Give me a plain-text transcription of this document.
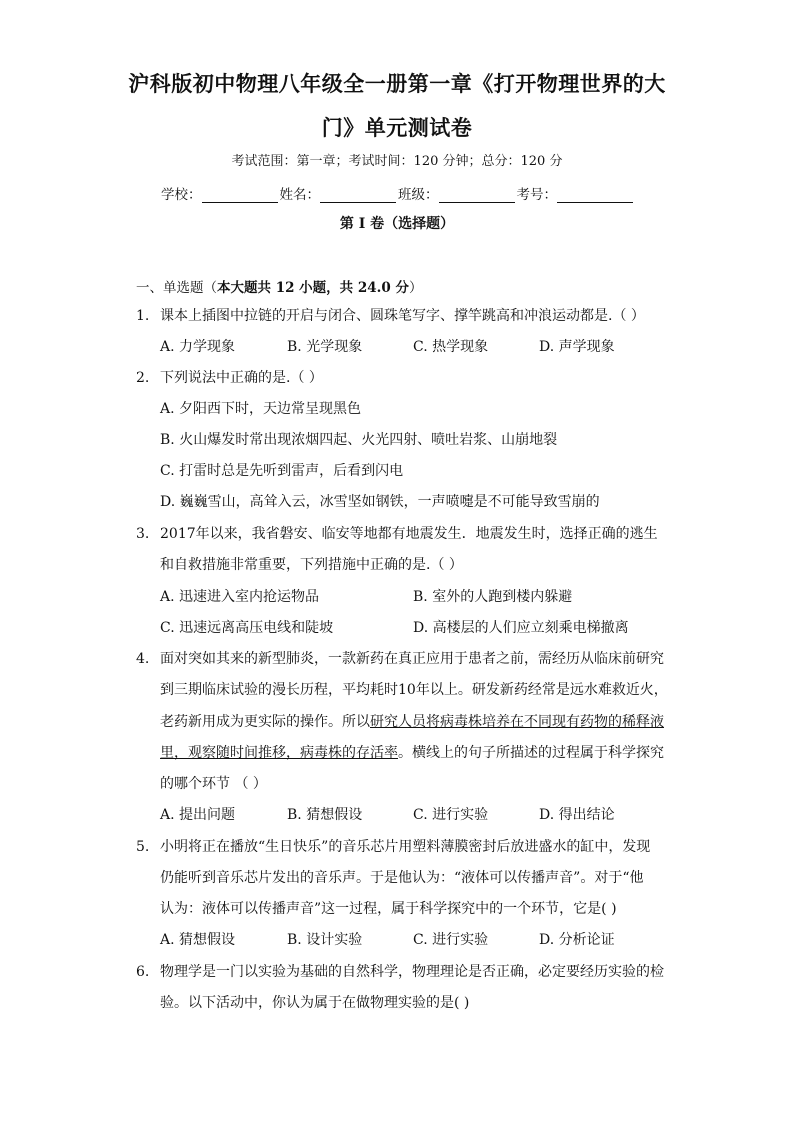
沪科版初中物理八年级全一册第一章《打开物理世界的大
门》单元测试卷
考试范围：第一章；考试时间：120 分钟；总分：120 分
学校：	姓名：	班级：	考号：
第 I 卷（选择题）
一、单选题（本大题共 12 小题，共 24.0 分）
1. 课本上插图中拉链的开启与闭合、圆珠笔写字、撑竿跳高和冲浪运动都是.（ ）
A. 力学现象	B. 光学现象	C. 热学现象	D. 声学现象
2. 下列说法中正确的是.（ ）
A. 夕阳西下时，天边常呈现黑色
B. 火山爆发时常出现浓烟四起、火光四射、喷吐岩浆、山崩地裂
C. 打雷时总是先听到雷声，后看到闪电
D. 巍巍雪山，高耸入云，冰雪坚如钢铁，一声喷嚏是不可能导致雪崩的
3. 2017年以来，我省磐安、临安等地都有地震发生．地震发生时，选择正确的逃生
和自救措施非常重要，下列措施中正确的是.（ ）
A. 迅速进入室内抢运物品	B. 室外的人跑到楼内躲避
C. 迅速远离高压电线和陡坡	D. 高楼层的人们应立刻乘电梯撤离
4. 面对突如其来的新型肺炎，一款新药在真正应用于患者之前，需经历从临床前研究
到三期临床试验的漫长历程，平均耗时10年以上。研发新药经常是远水难救近火，
老药新用成为更实际的操作。所以研究人员将病毒株培养在不同现有药物的稀释液
里，观察随时间推移，病毒株的存活率。横线上的句子所描述的过程属于科学探究
的哪个环节 （ ）
A. 提出问题	B. 猜想假设	C. 进行实验	D. 得出结论
5. 小明将正在播放“生日快乐”的音乐芯片用塑料薄膜密封后放进盛水的缸中，发现
仍能听到音乐芯片发出的音乐声。于是他认为：“液体可以传播声音”。对于“他
认为：液体可以传播声音”这一过程，属于科学探究中的一个环节，它是( )
A. 猜想假设	B. 设计实验	C. 进行实验	D. 分析论证
6. 物理学是一门以实验为基础的自然科学，物理理论是否正确，必定要经历实验的检
验。以下活动中，你认为属于在做物理实验的是( )
